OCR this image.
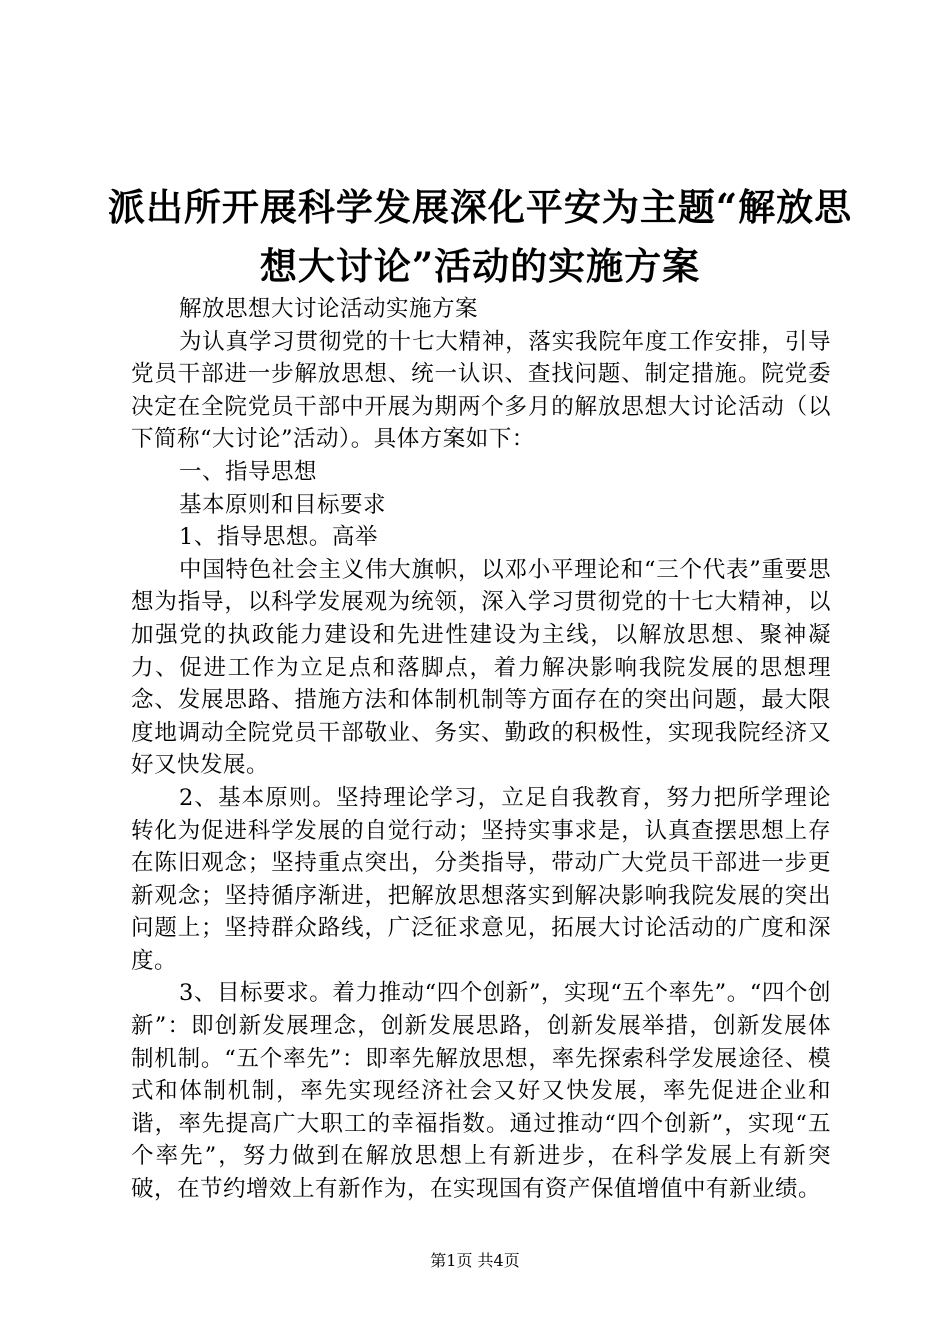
派出所开展科学发展深化平安为主题“解放思
想大讨论”活动的实施方案

解放思想大讨论活动实施方案

为认真学习贯彻党的十七大精神，落实我院年度工作安排，引导党员干部进一步解放思想、统一认识、查找问题、制定措施。院党委决定在全院党员干部中开展为期两个多月的解放思想大讨论活动（以下简称“大讨论”活动）。具体方案如下：

一、指导思想

基本原则和目标要求

1、指导思想。高举

中国特色社会主义伟大旗帜，以邓小平理论和“三个代表”重要思想为指导，以科学发展观为统领，深入学习贯彻党的十七大精神，以加强党的执政能力建设和先进性建设为主线，以解放思想、聚神凝力、促进工作为立足点和落脚点，着力解决影响我院发展的思想理念、发展思路、措施方法和体制机制等方面存在的突出问题，最大限度地调动全院党员干部敬业、务实、勤政的积极性，实现我院经济又好又快发展。

2、基本原则。坚持理论学习，立足自我教育，努力把所学理论转化为促进科学发展的自觉行动；坚持实事求是，认真查摆思想上存在陈旧观念；坚持重点突出，分类指导，带动广大党员干部进一步更新观念；坚持循序渐进，把解放思想落实到解决影响我院发展的突出问题上；坚持群众路线，广泛征求意见，拓展大讨论活动的广度和深度。

3、目标要求。着力推动“四个创新”，实现“五个率先”。“四个创新”：即创新发展理念，创新发展思路，创新发展举措，创新发展体制机制。“五个率先”：即率先解放思想，率先探索科学发展途径、模式和体制机制，率先实现经济社会又好又快发展，率先促进企业和谐，率先提高广大职工的幸福指数。通过推动“四个创新”，实现“五个率先”，努力做到在解放思想上有新进步，在科学发展上有新突破，在节约增效上有新作为，在实现国有资产保值增值中有新业绩。

第1页 共4页
